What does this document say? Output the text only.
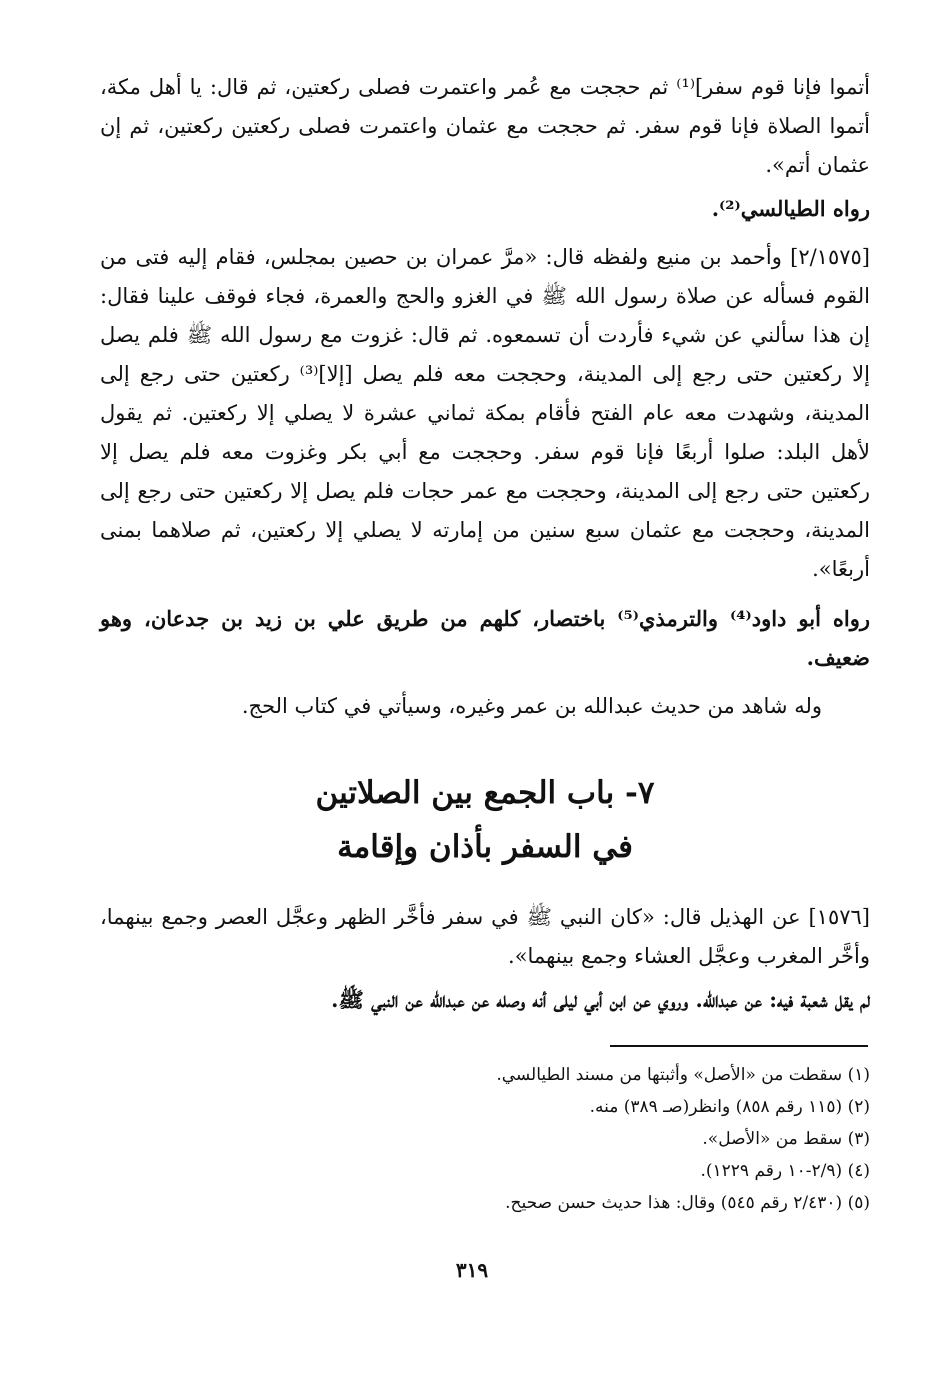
أتموا فإنا قوم سفر]⁽¹⁾ ثم حججت مع عُمر واعتمرت فصلى ركعتين، ثم قال: يا أهل مكة، أتموا الصلاة فإنا قوم سفر. ثم حججت مع عثمان واعتمرت فصلى ركعتين ركعتين، ثم إن عثمان أتم».

رواه الطيالسي⁽²⁾.

[٢/١٥٧٥] وأحمد بن منيع ولفظه قال: «مرَّ عمران بن حصين بمجلس، فقام إليه فتى من القوم فسأله عن صلاة رسول الله ﷺ في الغزو والحج والعمرة، فجاء فوقف علينا فقال: إن هذا سألني عن شيء فأردت أن تسمعوه. ثم قال: غزوت مع رسول الله ﷺ فلم يصل إلا ركعتين حتى رجع إلى المدينة، وحججت معه فلم يصل [إلا]⁽³⁾ ركعتين حتى رجع إلى المدينة، وشهدت معه عام الفتح فأقام بمكة ثماني عشرة لا يصلي إلا ركعتين. ثم يقول لأهل البلد: صلوا أربعًا فإنا قوم سفر. وحججت مع أبي بكر وغزوت معه فلم يصل إلا ركعتين حتى رجع إلى المدينة، وحججت مع عمر حجات فلم يصل إلا ركعتين حتى رجع إلى المدينة، وحججت مع عثمان سبع سنين من إمارته لا يصلي إلا ركعتين، ثم صلاهما بمنى أربعًا».

رواه أبو داود⁽⁴⁾ والترمذي⁽⁵⁾ باختصار، كلهم من طريق علي بن زيد بن جدعان، وهو ضعيف.

وله شاهد من حديث عبدالله بن عمر وغيره، وسيأتي في كتاب الحج.

٧- باب الجمع بين الصلاتين
في السفر بأذان وإقامة

[١٥٧٦] عن الهذيل قال: «كان النبي ﷺ في سفر فأخَّر الظهر وعجَّل العصر وجمع بينهما، وأخَّر المغرب وعجَّل العشاء وجمع بينهما».

لم يقل شعبة فيه: عن عبدالله. وروي عن ابن أبي ليلى أنه وصله عن عبدالله عن النبي ﷺ.

(١) سقطت من «الأصل» وأثبتها من مسند الطيالسي.

(٢) (١١٥ رقم ٨٥٨) وانظر(صـ ٣٨٩) منه.

(٣) سقط من «الأصل».

(٤) (٢/٩-١٠ رقم ١٢٢٩).

(٥) (٢/٤٣٠ رقم ٥٤٥) وقال: هذا حديث حسن صحيح.

٣١٩
